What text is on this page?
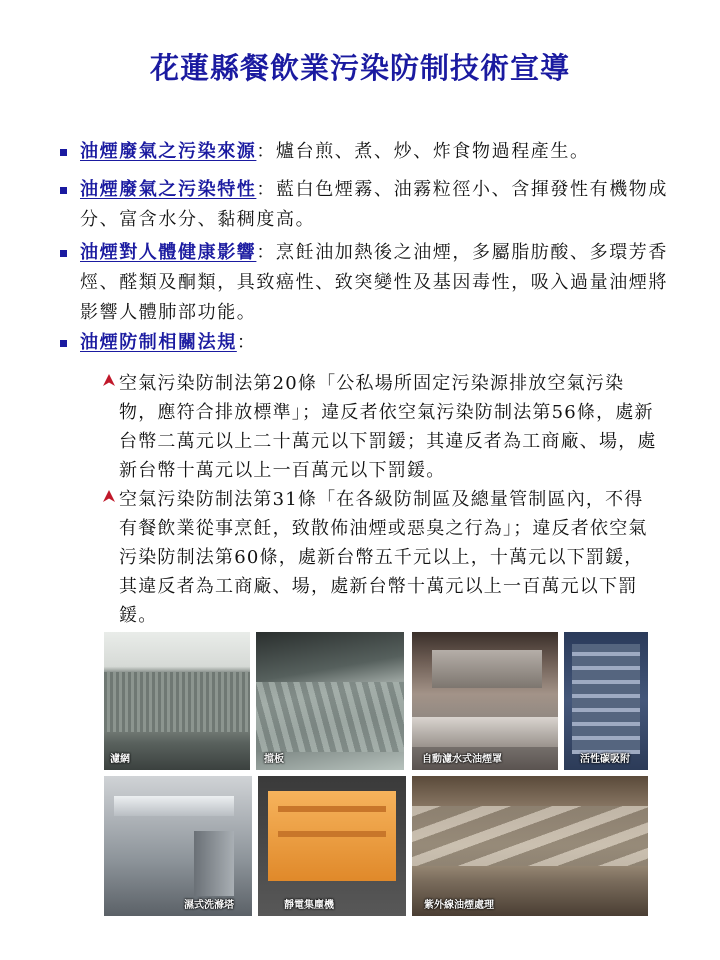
花蓮縣餐飲業污染防制技術宣導
油煙廢氣之污染來源：爐台煎、煮、炒、炸食物過程產生。
油煙廢氣之污染特性：藍白色煙霧、油霧粒徑小、含揮發性有機物成分、富含水分、黏稠度高。
油煙對人體健康影響：烹飪油加熱後之油煙，多屬脂肪酸、多環芳香烴、醛類及酮類，具致癌性、致突變性及基因毒性，吸入過量油煙將影響人體肺部功能。
油煙防制相關法規：
空氣污染防制法第20條「公私場所固定污染源排放空氣污染物，應符合排放標準」；違反者依空氣污染防制法第56條，處新台幣二萬元以上二十萬元以下罰鍰；其違反者為工商廠、場，處新台幣十萬元以上一百萬元以下罰鍰。
空氣污染防制法第31條「在各級防制區及總量管制區內，不得有餐飲業從事烹飪，致散佈油煙或惡臭之行為」；違反者依空氣污染防制法第60條，處新台幣五千元以上，十萬元以下罰鍰，其違反者為工商廠、場，處新台幣十萬元以上一百萬元以下罰鍰。
濾網	擋板	自動濾水式油煙罩	活性碳吸附
濕式洗滌塔	靜電集塵機	紫外線油煙處理
